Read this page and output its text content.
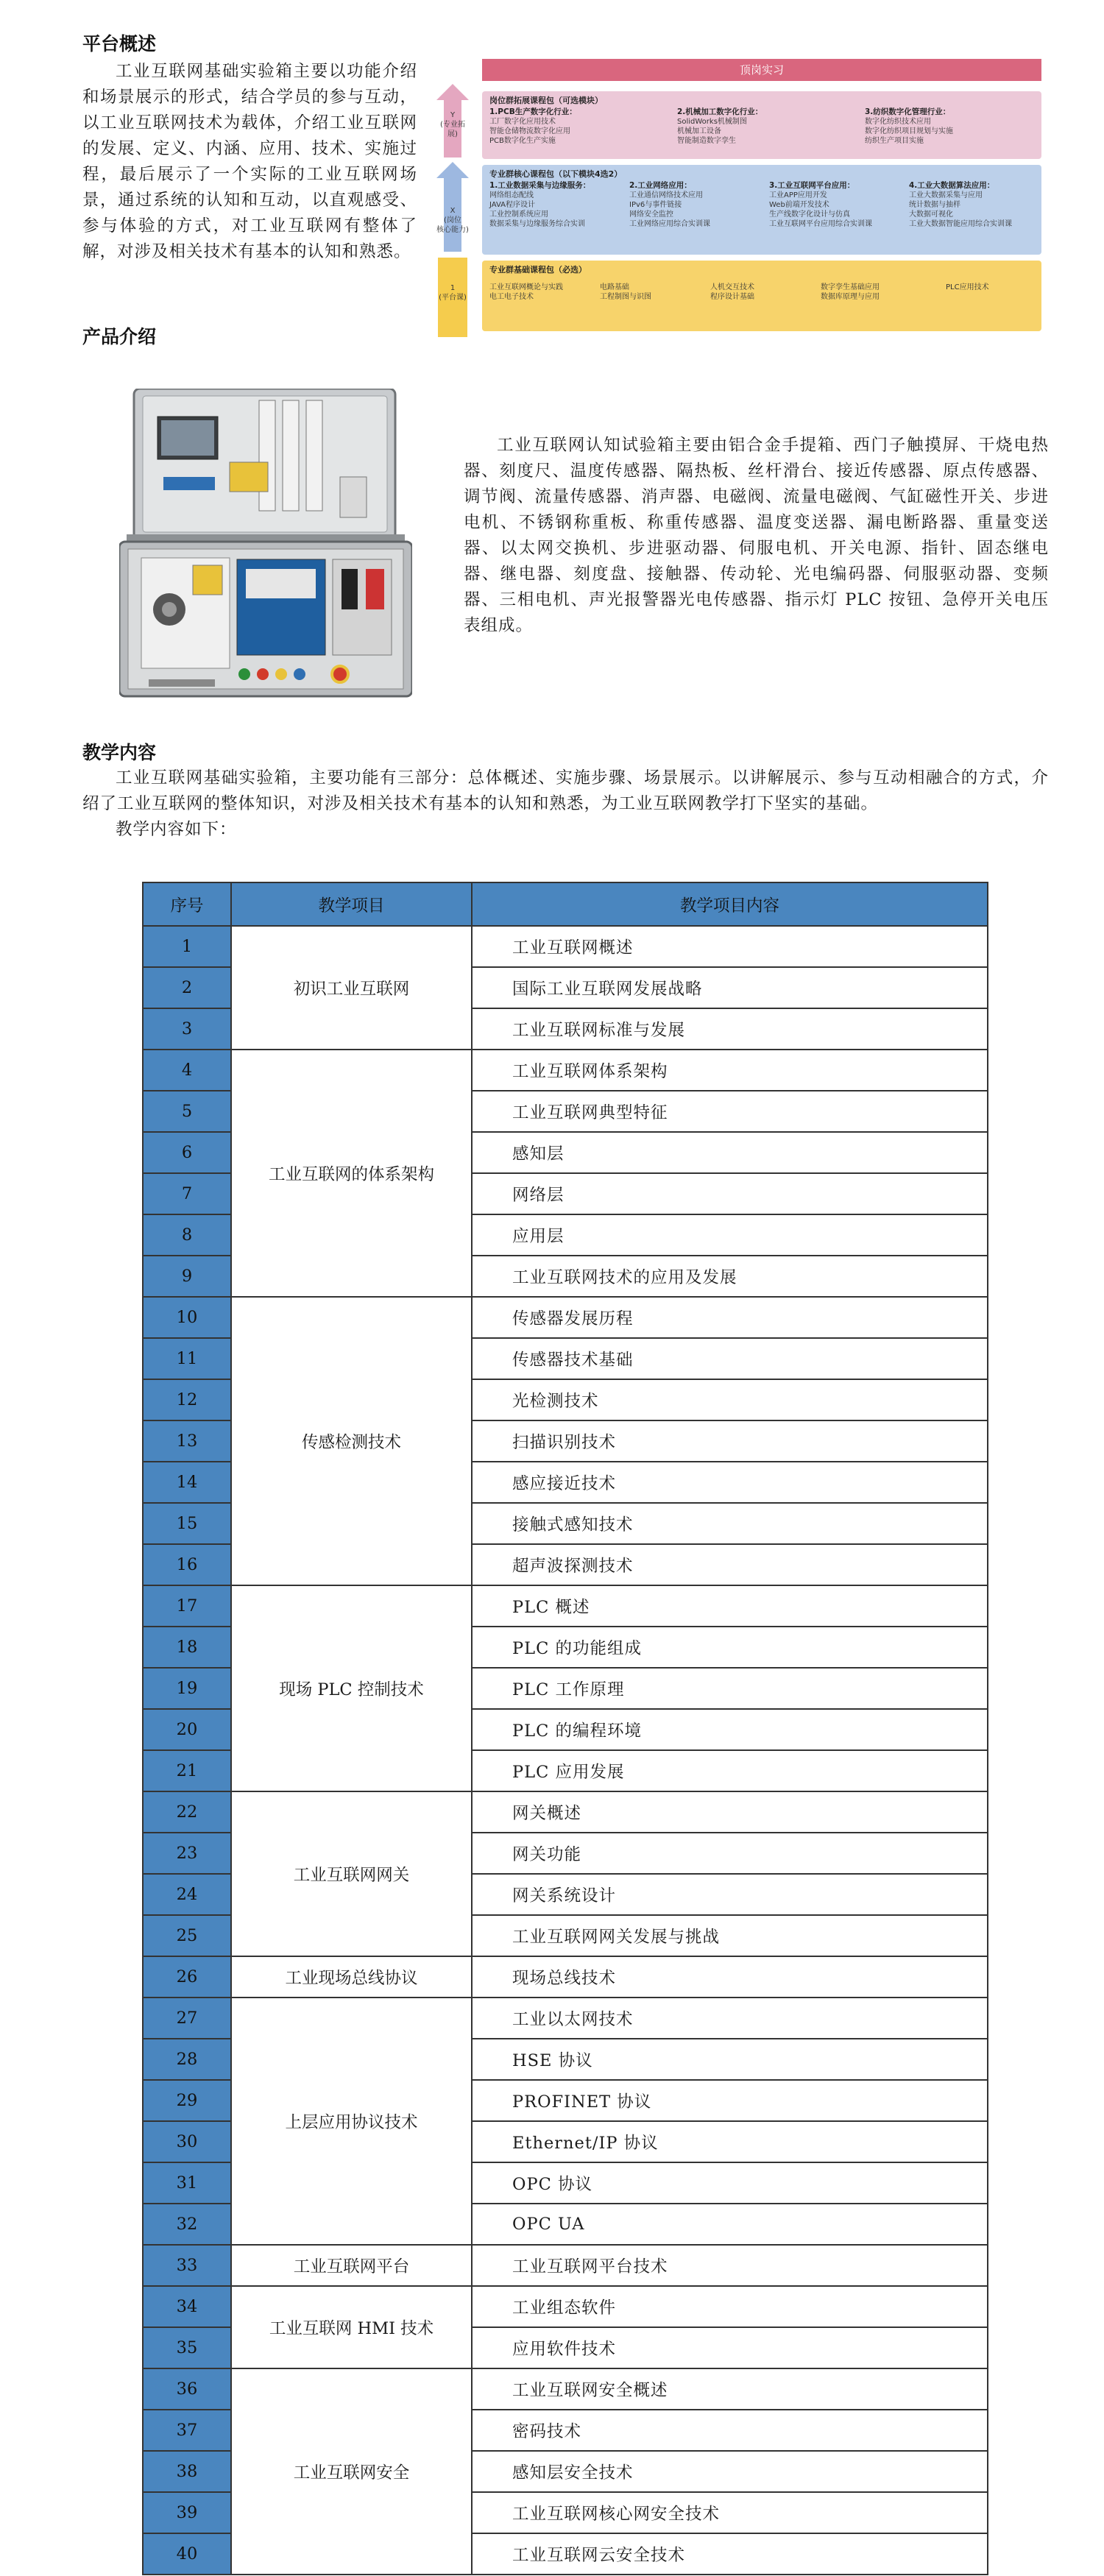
平台概述

工业互联网基础实验箱主要以功能介绍和场景展示的形式，结合学员的参与互动，以工业互联网技术为载体，介绍工业互联网的发展、定义、内涵、应用、技术、实施过程，最后展示了一个实际的工业互联网场景，通过系统的认知和互动，以直观感受、参与体验的方式，对工业互联网有整体了解，对涉及相关技术有基本的认知和熟悉。

Y
(专业拓
展)
X
(岗位
核心能力)
1
(平台课)
顶岗实习
岗位群拓展课程包（可选模块）
1.PCB生产数字化行业：
工厂数字化应用技术
智能仓储物流数字化应用
PCB数字化生产实施
2.机械加工数字化行业：
SolidWorks机械制图
机械加工设备
智能制造数字孪生
3.纺织数字化管理行业：
数字化纺织技术应用
数字化纺织项目规划与实施
纺织生产项目实施
专业群核心课程包（以下模块4选2）
1.工业数据采集与边缘服务：
网络组态配线
JAVA程序设计
工业控制系统应用
数据采集与边缘服务综合实训
2.工业网络应用：
工业通信网络技术应用
IPv6与事件链接
网络安全监控
工业网络应用综合实训课
3.工业互联网平台应用：
工业APP应用开发
Web前端开发技术
生产线数字化设计与仿真
工业互联网平台应用综合实训课
4.工业大数据算法应用：
工业大数据采集与应用
统计数据与抽样
大数据可视化
工业大数据智能应用综合实训课
专业群基础课程包（必选）
工业互联网概论与实践
电工电子技术
电路基础
工程制图与识图
人机交互技术
程序设计基础
数字孪生基础应用
数据库原理与应用
PLC应用技术
产品介绍

工业互联网认知试验箱主要由铝合金手提箱、西门子触摸屏、干烧电热器、刻度尺、温度传感器、隔热板、丝杆滑台、接近传感器、原点传感器、调节阀、流量传感器、消声器、电磁阀、流量电磁阀、气缸磁性开关、步进电机、不锈钢称重板、称重传感器、温度变送器、漏电断路器、重量变送器、以太网交换机、步进驱动器、伺服电机、开关电源、指针、固态继电器、继电器、刻度盘、接触器、传动轮、光电编码器、伺服驱动器、变频器、三相电机、声光报警器光电传感器、指示灯 PLC 按钮、急停开关电压表组成。

教学内容

工业互联网基础实验箱，主要功能有三部分：总体概述、实施步骤、场景展示。以讲解展示、参与互动相融合的方式，介绍了工业互联网的整体知识，对涉及相关技术有基本的认知和熟悉，为工业互联网教学打下坚实的基础。

教学内容如下：

序号	教学项目	教学项目内容
1	初识工业互联网	工业互联网概述
2		国际工业互联网发展战略
3		工业互联网标准与发展
4	工业互联网的体系架构	工业互联网体系架构
5		工业互联网典型特征
6		感知层
7		网络层
8		应用层
9		工业互联网技术的应用及发展
10	传感检测技术	传感器发展历程
11		传感器技术基础
12		光检测技术
13		扫描识别技术
14		感应接近技术
15		接触式感知技术
16		超声波探测技术
17	现场 PLC 控制技术	PLC 概述
18		PLC 的功能组成
19		PLC 工作原理
20		PLC 的编程环境
21		PLC 应用发展
22	工业互联网网关	网关概述
23		网关功能
24		网关系统设计
25		工业互联网网关发展与挑战
26	工业现场总线协议	现场总线技术
27	上层应用协议技术	工业以太网技术
28		HSE 协议
29		PROFINET 协议
30		Ethernet/IP 协议
31		OPC 协议
32		OPC UA
33	工业互联网平台	工业互联网平台技术
34	工业互联网 HMI 技术	工业组态软件
35		应用软件技术
36	工业互联网安全	工业互联网安全概述
37		密码技术
38		感知层安全技术
39		工业互联网核心网安全技术
40		工业互联网云安全技术
